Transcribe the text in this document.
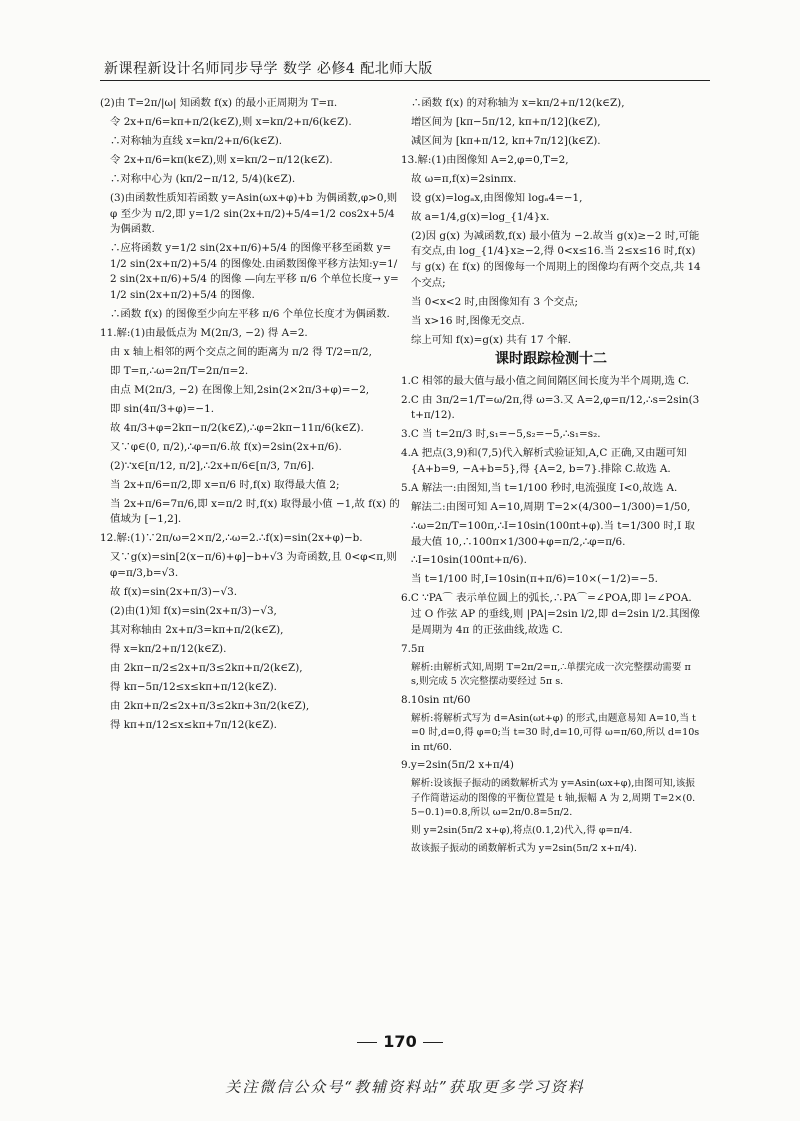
新课程新设计名师同步导学 数学 必修4 配北师大版

(2)由 T=2π/|ω| 知函数 f(x) 的最小正周期为 T=π.

令 2x+π/6=kπ+π/2(k∈Z),则 x=kπ/2+π/6(k∈Z).

∴对称轴为直线 x=kπ/2+π/6(k∈Z).

令 2x+π/6=kπ(k∈Z),则 x=kπ/2−π/12(k∈Z).

∴对称中心为 (kπ/2−π/12, 5/4)(k∈Z).

(3)由函数性质知若函数 y=Asin(ωx+φ)+b 为偶函数,φ>0,则 φ 至少为 π/2,即 y=1/2 sin(2x+π/2)+5/4=1/2 cos2x+5/4 为偶函数.

∴应将函数 y=1/2 sin(2x+π/6)+5/4 的图像平移至函数 y=1/2 sin(2x+π/2)+5/4 的图像处.由函数图像平移方法知:y=1/2 sin(2x+π/6)+5/4 的图像 —向左平移 π/6 个单位长度→ y=1/2 sin(2x+π/2)+5/4 的图像.

∴函数 f(x) 的图像至少向左平移 π/6 个单位长度才为偶函数.

11.解:(1)由最低点为 M(2π/3, −2) 得 A=2.

由 x 轴上相邻的两个交点之间的距离为 π/2 得 T/2=π/2,

即 T=π,∴ω=2π/T=2π/π=2.

由点 M(2π/3, −2) 在图像上知,2sin(2×2π/3+φ)=−2,

即 sin(4π/3+φ)=−1.

故 4π/3+φ=2kπ−π/2(k∈Z),∴φ=2kπ−11π/6(k∈Z).

又∵φ∈(0, π/2),∴φ=π/6.故 f(x)=2sin(2x+π/6).

(2)∵x∈[π/12, π/2],∴2x+π/6∈[π/3, 7π/6].

当 2x+π/6=π/2,即 x=π/6 时,f(x) 取得最大值 2;

当 2x+π/6=7π/6,即 x=π/2 时,f(x) 取得最小值 −1,故 f(x) 的值域为 [−1,2].

12.解:(1)∵2π/ω=2×π/2,∴ω=2.∴f(x)=sin(2x+φ)−b.

又∵g(x)=sin[2(x−π/6)+φ]−b+√3 为奇函数,且 0<φ<π,则 φ=π/3,b=√3.

故 f(x)=sin(2x+π/3)−√3.

(2)由(1)知 f(x)=sin(2x+π/3)−√3,

其对称轴由 2x+π/3=kπ+π/2(k∈Z),

得 x=kπ/2+π/12(k∈Z).

由 2kπ−π/2≤2x+π/3≤2kπ+π/2(k∈Z),

得 kπ−5π/12≤x≤kπ+π/12(k∈Z).

由 2kπ+π/2≤2x+π/3≤2kπ+3π/2(k∈Z),

得 kπ+π/12≤x≤kπ+7π/12(k∈Z).

∴函数 f(x) 的对称轴为 x=kπ/2+π/12(k∈Z),

增区间为 [kπ−5π/12, kπ+π/12](k∈Z),

减区间为 [kπ+π/12, kπ+7π/12](k∈Z).

13.解:(1)由图像知 A=2,φ=0,T=2,

故 ω=π,f(x)=2sinπx.

设 g(x)=logₐx,由图像知 logₐ4=−1,

故 a=1/4,g(x)=log_{1/4}x.

(2)因 g(x) 为减函数,f(x) 最小值为 −2.故当 g(x)≥−2 时,可能有交点,由 log_{1/4}x≥−2,得 0<x≤16.当 2≤x≤16 时,f(x) 与 g(x) 在 f(x) 的图像每一个周期上的图像均有两个交点,共 14 个交点;

当 0<x<2 时,由图像知有 3 个交点;

当 x>16 时,图像无交点.

综上可知 f(x)=g(x) 共有 17 个解.

课时跟踪检测十二

1.C 相邻的最大值与最小值之间间隔区间长度为半个周期,选 C.

2.C 由 3π/2=1/T=ω/2π,得 ω=3.又 A=2,φ=π/12,∴s=2sin(3t+π/12).

3.C 当 t=2π/3 时,s₁=−5,s₂=−5,∴s₁=s₂.

4.A 把点(3,9)和(7,5)代入解析式验证知,A,C 正确,又由题可知 {A+b=9, −A+b=5},得 {A=2, b=7}.排除 C.故选 A.

5.A 解法一:由图知,当 t=1/100 秒时,电流强度 I<0,故选 A.

解法二:由图可知 A=10,周期 T=2×(4/300−1/300)=1/50,

∴ω=2π/T=100π,∴I=10sin(100πt+φ).当 t=1/300 时,I 取最大值 10,∴100π×1/300+φ=π/2,∴φ=π/6.

∴I=10sin(100πt+π/6).

当 t=1/100 时,I=10sin(π+π/6)=10×(−1/2)=−5.

6.C ∵PA⌒ 表示单位圆上的弧长,∴PA⌒=∠POA,即 l=∠POA.过 O 作弦 AP 的垂线,则 |PA|=2sin l/2,即 d=2sin l/2.其图像是周期为 4π 的正弦曲线,故选 C.

7.5π

解析:由解析式知,周期 T=2π/2=π,∴单摆完成一次完整摆动需要 π s,则完成 5 次完整摆动要经过 5π s.

8.10sin πt/60

解析:将解析式写为 d=Asin(ωt+φ) 的形式,由题意易知 A=10,当 t=0 时,d=0,得 φ=0;当 t=30 时,d=10,可得 ω=π/60,所以 d=10sin πt/60.

9.y=2sin(5π/2 x+π/4)

解析:设该振子振动的函数解析式为 y=Asin(ωx+φ),由图可知,该振子作简谐运动的图像的平衡位置是 t 轴,振幅 A 为 2,周期 T=2×(0.5−0.1)=0.8,所以 ω=2π/0.8=5π/2.

则 y=2sin(5π/2 x+φ),将点(0.1,2)代入,得 φ=π/4.

故该振子振动的函数解析式为 y=2sin(5π/2 x+π/4).

170
关注微信公众号“教辅资料站”获取更多学习资料
